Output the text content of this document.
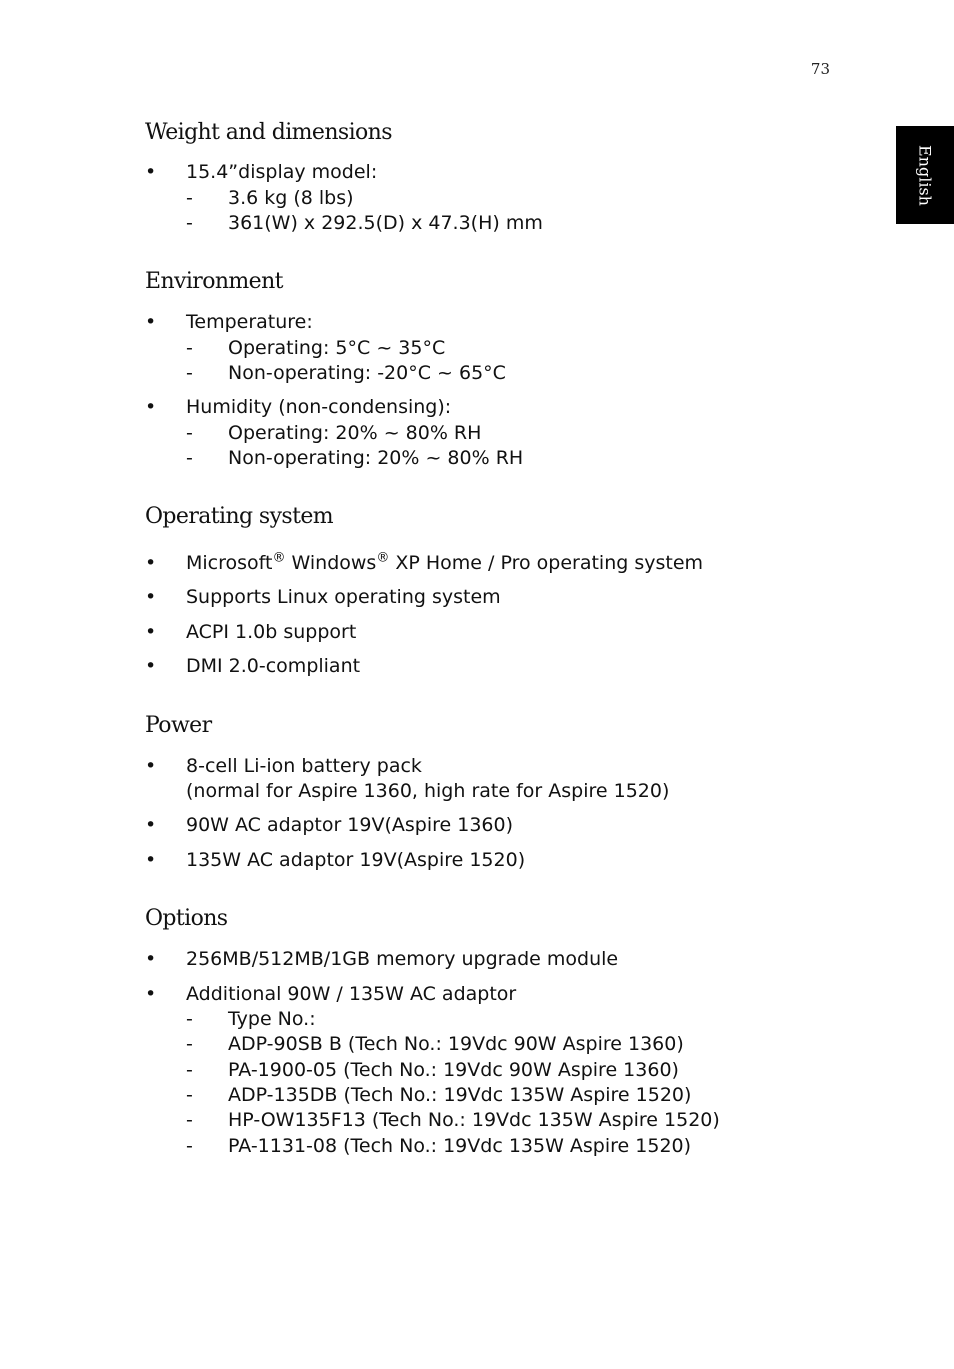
73
English
Weight and dimensions
• 15.4”display model:
- 3.6 kg (8 lbs)
- 361(W) x 292.5(D) x 47.3(H) mm
Environment
• Temperature:
- Operating: 5°C ~ 35°C
- Non-operating: -20°C ~ 65°C
• Humidity (non-condensing):
- Operating: 20% ~ 80% RH
- Non-operating: 20% ~ 80% RH
Operating system
• Microsoft® Windows® XP Home / Pro operating system
• Supports Linux operating system
• ACPI 1.0b support
• DMI 2.0-compliant
Power
• 8-cell Li-ion battery pack
(normal for Aspire 1360, high rate for Aspire 1520)
• 90W AC adaptor 19V(Aspire 1360)
• 135W AC adaptor 19V(Aspire 1520)
Options
• 256MB/512MB/1GB memory upgrade module
• Additional 90W / 135W AC adaptor
- Type No.:
- ADP-90SB B (Tech No.: 19Vdc 90W Aspire 1360)
- PA-1900-05 (Tech No.: 19Vdc 90W Aspire 1360)
- ADP-135DB (Tech No.: 19Vdc 135W Aspire 1520)
- HP-OW135F13 (Tech No.: 19Vdc 135W Aspire 1520)
- PA-1131-08 (Tech No.: 19Vdc 135W Aspire 1520)
